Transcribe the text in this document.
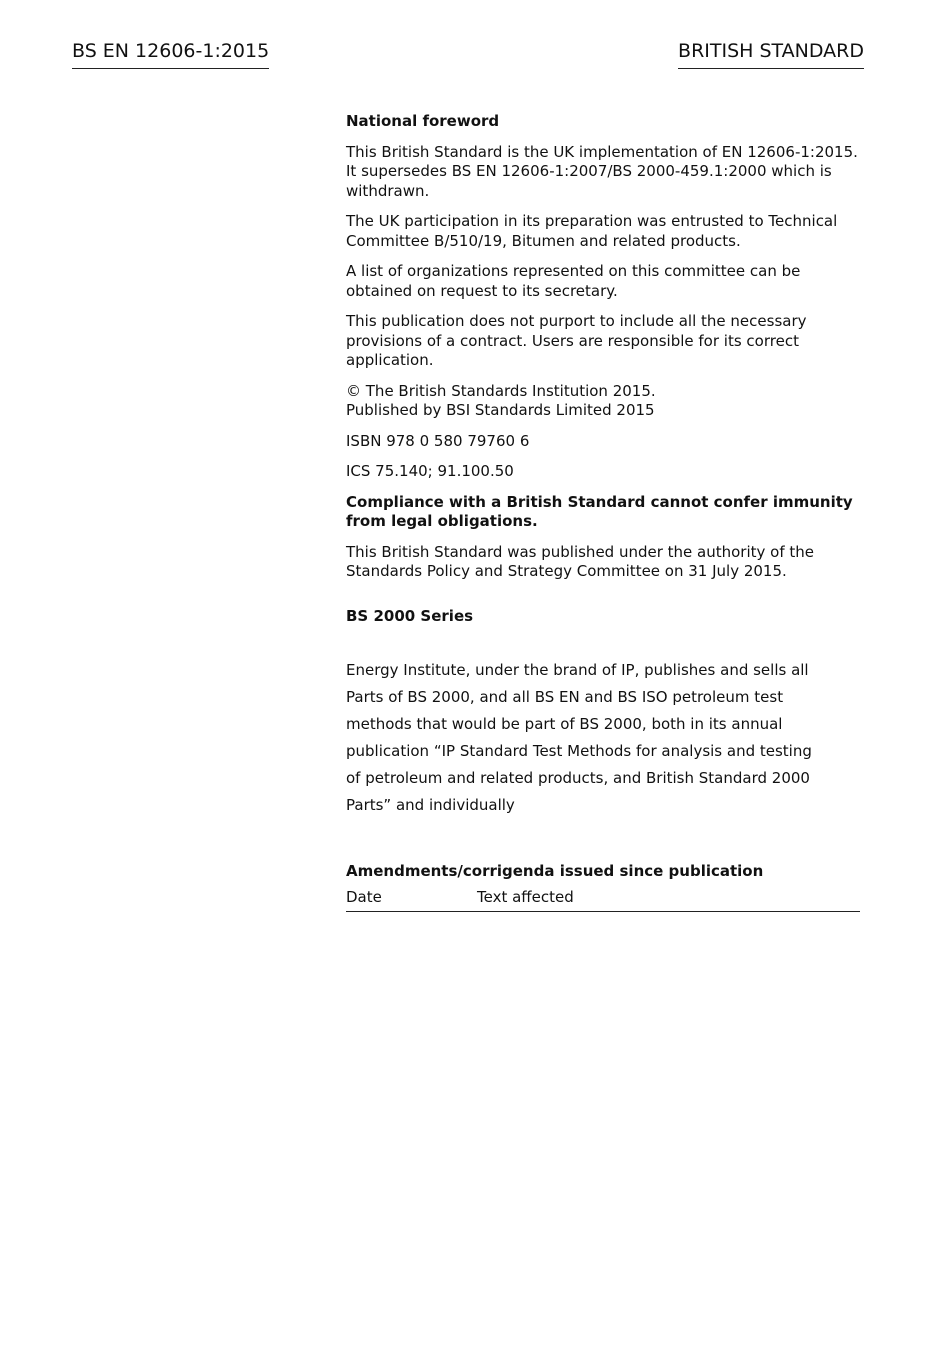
BS EN 12606-1:2015	BRITISH STANDARD

National foreword

This British Standard is the UK implementation of EN 12606-1:2015. It supersedes BS EN 12606-1:2007/BS 2000-459.1:2000 which is withdrawn.

The UK participation in its preparation was entrusted to Technical Committee B/510/19, Bitumen and related products.

A list of organizations represented on this committee can be obtained on request to its secretary.

This publication does not purport to include all the necessary provisions of a contract. Users are responsible for its correct application.

© The British Standards Institution 2015.
Published by BSI Standards Limited 2015

ISBN 978 0 580 79760 6

ICS 75.140; 91.100.50

Compliance with a British Standard cannot confer immunity from legal obligations.

This British Standard was published under the authority of the Standards Policy and Strategy Committee on 31 July 2015.

BS 2000 Series

Energy Institute, under the brand of IP, publishes and sells all Parts of BS 2000, and all BS EN and BS ISO petroleum test methods that would be part of BS 2000, both in its annual publication “IP Standard Test Methods for analysis and testing of petroleum and related products, and British Standard 2000 Parts” and individually

Amendments/corrigenda issued since publication

Date	Text affected
